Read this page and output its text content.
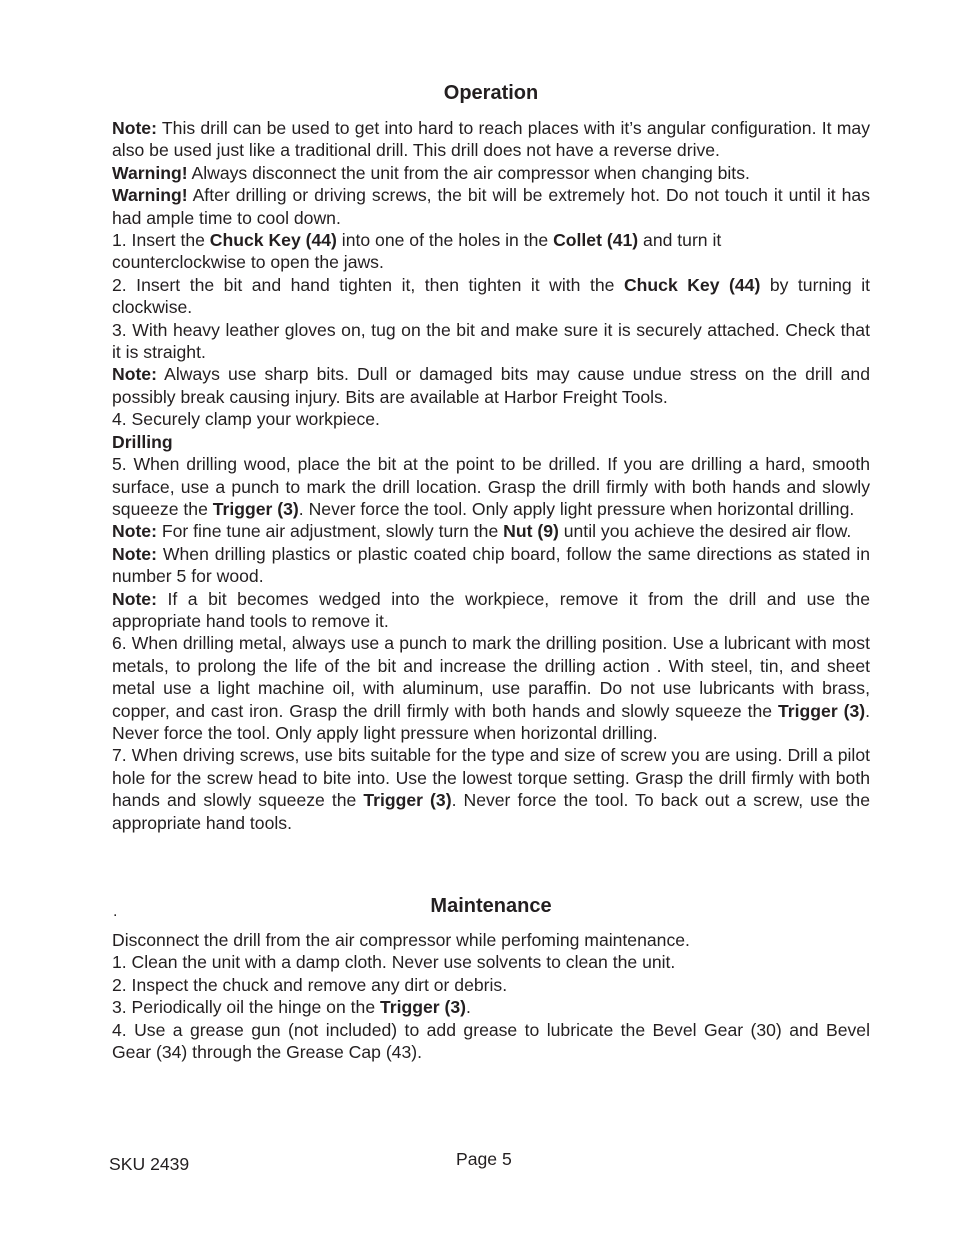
Operation

Note: This drill can be used to get into hard to reach places with it’s angular configuration. It may also be used just like a traditional drill. This drill does not have a reverse drive.

Warning! Always disconnect the unit from the air compressor when changing bits.

Warning! After drilling or driving screws, the bit will be extremely hot. Do not touch it until it has had ample time to cool down.

1. Insert the Chuck Key (44) into one of the holes in the Collet (41) and turn it
counterclockwise to open the jaws.

2. Insert the bit and hand tighten it, then tighten it with the Chuck Key (44) by turning it clockwise.

3. With heavy leather gloves on, tug on the bit and make sure it is securely attached. Check that it is straight.

Note: Always use sharp bits. Dull or damaged bits may cause undue stress on the drill and possibly break causing injury. Bits are available at Harbor Freight Tools.

4. Securely clamp your workpiece.

Drilling

5. When drilling wood, place the bit at the point to be drilled. If you are drilling a hard, smooth surface, use a punch to mark the drill location. Grasp the drill firmly with both hands and slowly squeeze the Trigger (3). Never force the tool. Only apply light pressure when horizontal drilling.

Note: For fine tune air adjustment, slowly turn the Nut (9) until you achieve the desired air flow.

Note: When drilling plastics or plastic coated chip board, follow the same directions as stated in number 5 for wood.

Note: If a bit becomes wedged into the workpiece, remove it from the drill and use the appropriate hand tools to remove it.

6. When drilling metal, always use a punch to mark the drilling position. Use a lubricant with most metals, to prolong the life of the bit and increase the drilling action . With steel, tin, and sheet metal use a light machine oil, with aluminum, use paraffin. Do not use lubricants with brass, copper, and cast iron. Grasp the drill firmly with both hands and slowly squeeze the Trigger (3). Never force the tool. Only apply light pressure when horizontal drilling.

7. When driving screws, use bits suitable for the type and size of screw you are using. Drill a pilot hole for the screw head to bite into. Use the lowest torque setting. Grasp the drill firmly with both hands and slowly squeeze the Trigger (3). Never force the tool. To back out a screw, use the appropriate hand tools.

.	Maintenance

Disconnect the drill from the air compressor while perfoming maintenance.

1. Clean the unit with a damp cloth. Never use solvents to clean the unit.

2. Inspect the chuck and remove any dirt or debris.

3. Periodically oil the hinge on the Trigger (3).

4. Use a grease gun (not included) to add grease to lubricate the Bevel Gear (30) and Bevel Gear (34) through the Grease Cap (43).

SKU 2439	Page 5
